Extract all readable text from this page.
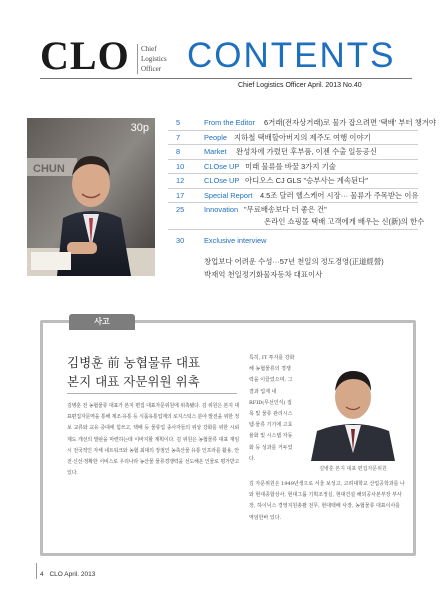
CLO Chief
Logistics
Officer CONTENTS
Chief Logistics Officer April. 2013 No.40
CHUN
30p	5	From the Editor 6거래(전자상거래)로 물가 잡으려면 '택배' 부터 챙겨야
7	People 지하철 택배할아버지의 제주도 여행 이야기
8	Market 완성차에 가렸던 후부품, 이젠 수출 일등공신
10	CLOse UP 미래 물류를 바꿀 3가지 기술
12	CLOse UP 아디오스 CJ GLS "승부사는 계속된다"
17	Special Report 4.5조 달러 헬스케어 시장··· 물류가 주목받는 이유
25	Innovation "무료배송보다 더 좋은 건"
온라인 쇼핑몰 택배 고객에게 배우는 신(新)의 한수
30	Exclusive interview
창업보다 어려운 수성···57년 천일의 정도경영(正道經營)
박재억 천일정기화물자동차 대표이사
사고
김병훈 前 농협물류 대표
본지 대표 자문위원 위촉
김병훈 전 농협물류 대표가 본지 편집 대표자문위원에 위촉됐다. 김 위원은 본지 대표편집자문역을 통해 제조·유통 등 식품유통업계의 로지스틱스 분야 발전을 위한 정보 교류와 교유 증대에 힘쓰고, 택배 등 물류업 종사자들의 위상 강화를 위한 시뢰 제도 개선의 발판을 마련하는데 이바지할 계획이다. 김 위원은 농협물류 대표 재임 시 전국적인 자체 네트워크와 농협 최대의 장점인 농축산물 유통 인프라를 활용, 안전·신선·정확한 서비스로 우리나라 농산물 물류경쟁력을 선도해온 인물로 평가받고 있다.
특히, IT 투자를 강화해 농협물류의 경쟁력을 이끌었으며, 그 결과 업계 내 RFID(무선인식) 접목 및 물류 관리시스템·물류 기기에 고효율화 및 시스템 자동화 등 성과를 거두었다.
김병훈 본지 대표 편집자문위원
김 자문위원은 1949년생으로 서울 보성고, 고려대학교 산업공학과를 나와 현대종합상사, 현대그룹 기획조정실, 현대건설 해외공사본부장 부사장, 하이닉스 경영지원총괄 전무, 현대택배 사장, 농협물류 대표이사를 역임한바 있다.
4 CLO April. 2013
